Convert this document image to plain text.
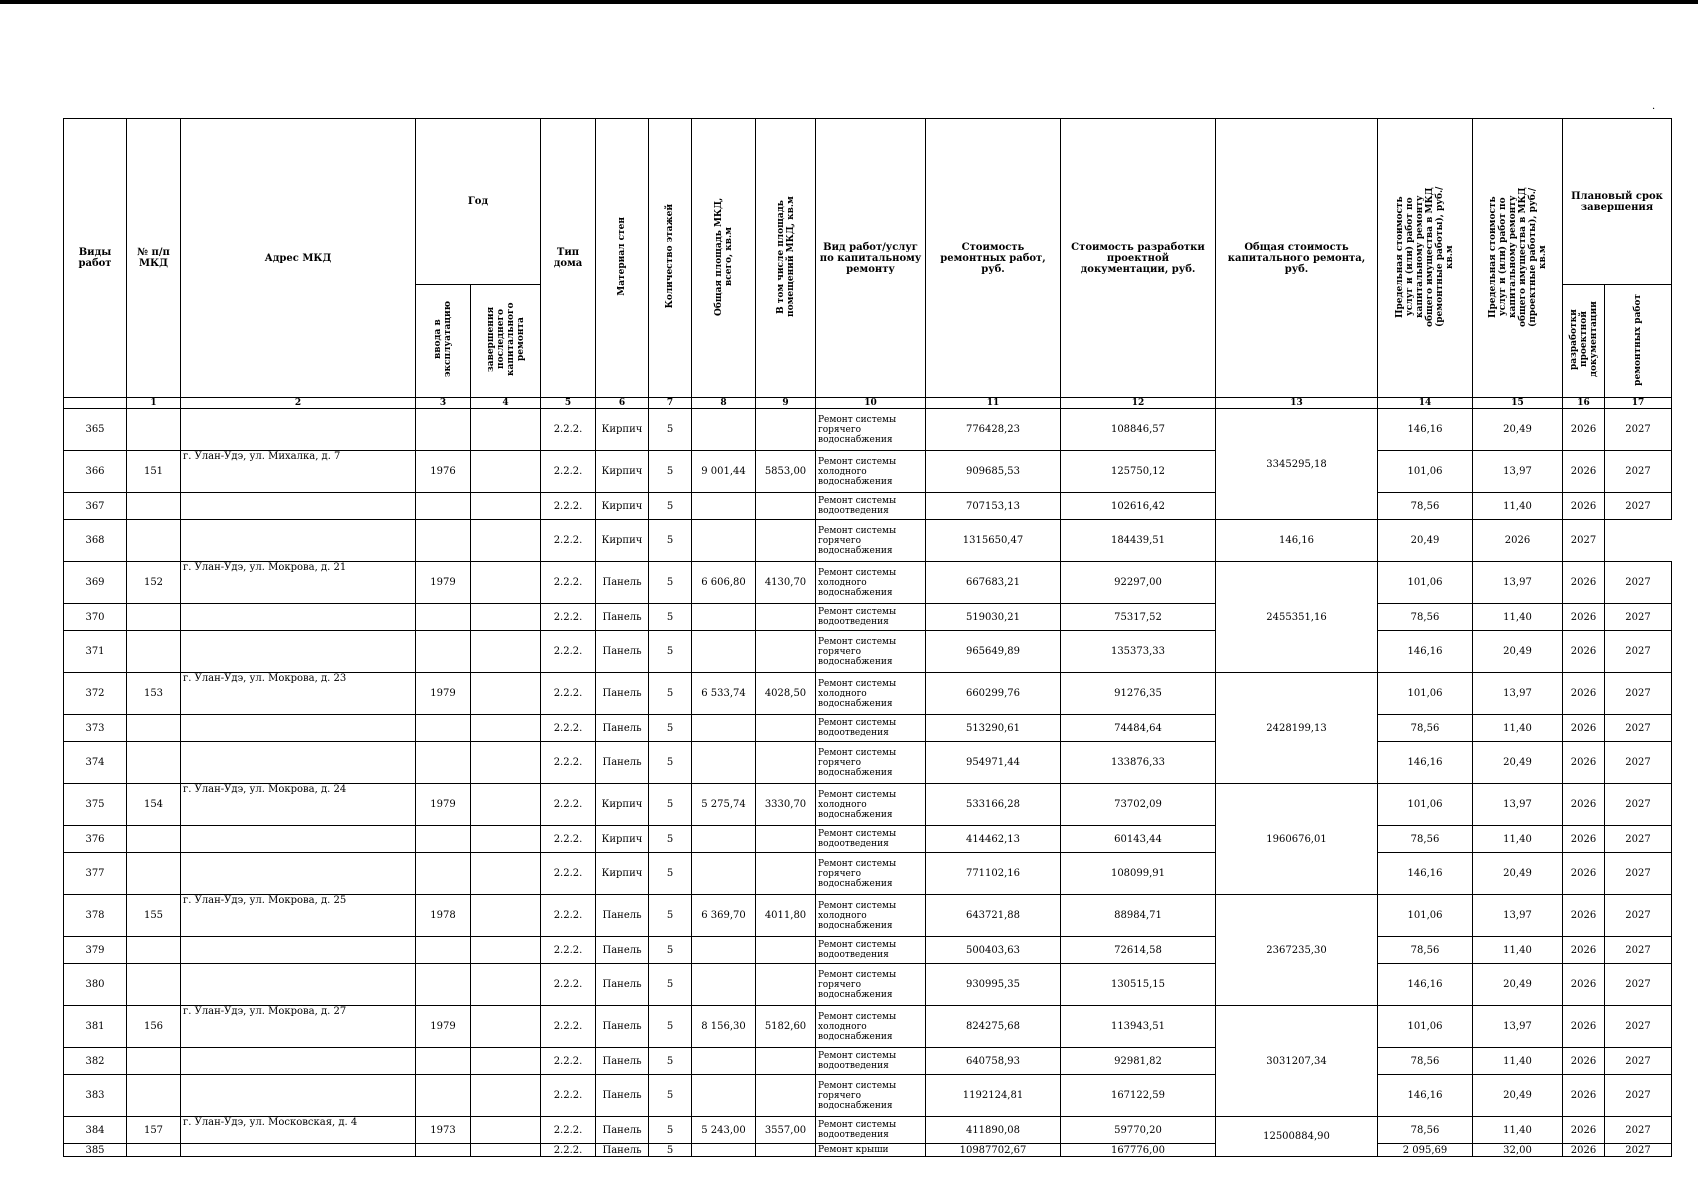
·
Виды работ	№ п/п МКД	Адрес МКД	Год		Тип дома	Материал стен	Количество этажей	Общая площадь МКД, всего, кв.м	В том числе площадь помещений МКД, кв.м	Вид работ/услуг по капитальному ремонту	Стоимость ремонтных работ, руб.	Стоимость разработки проектной документации, руб.	Общая стоимость капитального ремонта, руб.	Предельная стоимость услуг и (или) работ по капитальному ремонту общего имущества в МКД (ремонтные работы), руб./кв.м	Предельная стоимость услуг и (или) работ по капитальному ремонту общего имущества в МКД (проектные работы), руб./кв.м	Плановый срок завершения	
			ввода в эксплуатацию	завершения последнего капитального ремонта												разработки проектной документации	ремонтных работ
	1	2	3	4	5	6	7	8	9	10	11	12	13	14	15	16	17
365					2.2.2.	Кирпич	5			Ремонт системы горячего водоснабжения	776428,23	108846,57	3345295,18	146,16	20,49	2026	2027
366	151	г. Улан-Удэ, ул. Михалка, д. 7	1976		2.2.2.	Кирпич	5	9 001,44	5853,00	Ремонт системы холодного водоснабжения	909685,53	125750,12		101,06	13,97	2026	2027
367					2.2.2.	Кирпич	5			Ремонт системы водоотведения	707153,13	102616,42		78,56	11,40	2026	2027
368					2.2.2.	Кирпич	5			Ремонт системы горячего водоснабжения	1315650,47	184439,51	146,16	20,49	2026	2027	
369	152	г. Улан-Удэ, ул. Мокрова, д. 21	1979		2.2.2.	Панель	5	6 606,80	4130,70	Ремонт системы холодного водоснабжения	667683,21	92297,00	2455351,16	101,06	13,97	2026	2027
370					2.2.2.	Панель	5			Ремонт системы водоотведения	519030,21	75317,52		78,56	11,40	2026	2027
371					2.2.2.	Панель	5			Ремонт системы горячего водоснабжения	965649,89	135373,33		146,16	20,49	2026	2027
372	153	г. Улан-Удэ, ул. Мокрова, д. 23	1979		2.2.2.	Панель	5	6 533,74	4028,50	Ремонт системы холодного водоснабжения	660299,76	91276,35	2428199,13	101,06	13,97	2026	2027
373					2.2.2.	Панель	5			Ремонт системы водоотведения	513290,61	74484,64		78,56	11,40	2026	2027
374					2.2.2.	Панель	5			Ремонт системы горячего водоснабжения	954971,44	133876,33		146,16	20,49	2026	2027
375	154	г. Улан-Удэ, ул. Мокрова, д. 24	1979		2.2.2.	Кирпич	5	5 275,74	3330,70	Ремонт системы холодного водоснабжения	533166,28	73702,09	1960676,01	101,06	13,97	2026	2027
376					2.2.2.	Кирпич	5			Ремонт системы водоотведения	414462,13	60143,44		78,56	11,40	2026	2027
377					2.2.2.	Кирпич	5			Ремонт системы горячего водоснабжения	771102,16	108099,91		146,16	20,49	2026	2027
378	155	г. Улан-Удэ, ул. Мокрова, д. 25	1978		2.2.2.	Панель	5	6 369,70	4011,80	Ремонт системы холодного водоснабжения	643721,88	88984,71	2367235,30	101,06	13,97	2026	2027
379					2.2.2.	Панель	5			Ремонт системы водоотведения	500403,63	72614,58		78,56	11,40	2026	2027
380					2.2.2.	Панель	5			Ремонт системы горячего водоснабжения	930995,35	130515,15		146,16	20,49	2026	2027
381	156	г. Улан-Удэ, ул. Мокрова, д. 27	1979		2.2.2.	Панель	5	8 156,30	5182,60	Ремонт системы холодного водоснабжения	824275,68	113943,51	3031207,34	101,06	13,97	2026	2027
382					2.2.2.	Панель	5			Ремонт системы водоотведения	640758,93	92981,82		78,56	11,40	2026	2027
383					2.2.2.	Панель	5			Ремонт системы горячего водоснабжения	1192124,81	167122,59		146,16	20,49	2026	2027
384	157	г. Улан-Удэ, ул. Московская, д. 4	1973		2.2.2.	Панель	5	5 243,00	3557,00	Ремонт системы водоотведения	411890,08	59770,20	12500884,90	78,56	11,40	2026	2027
385					2.2.2.	Панель	5			Ремонт крыши	10987702,67	167776,00		2 095,69	32,00	2026	2027
